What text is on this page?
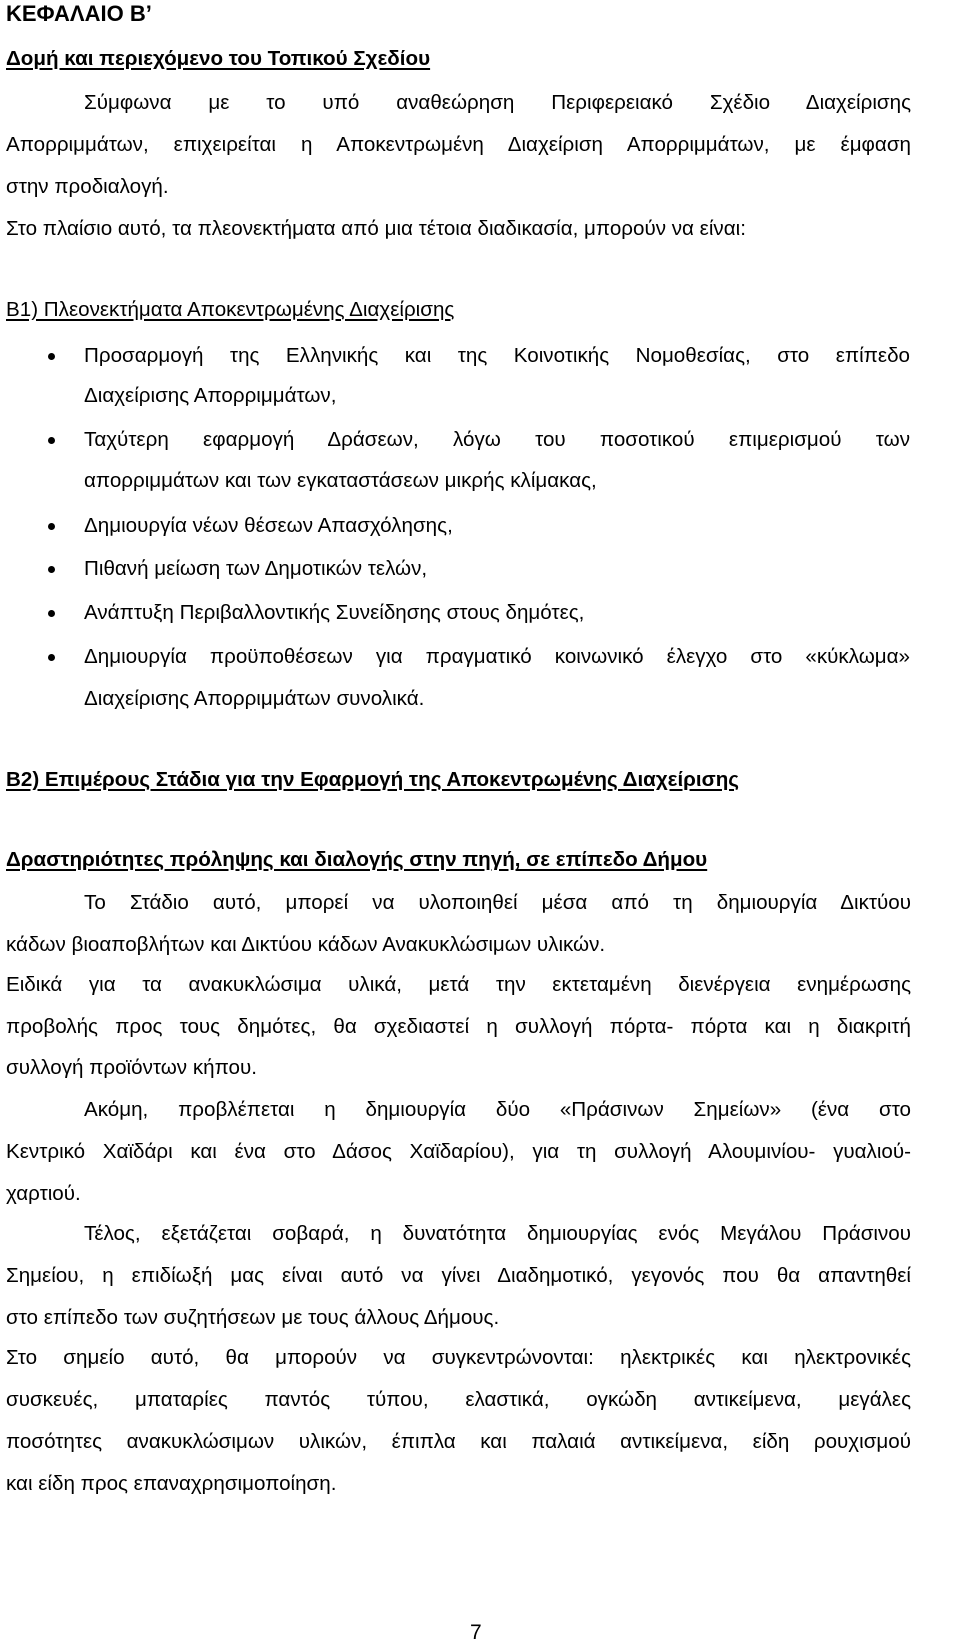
ΚΕΦΑΛΑΙΟ Β’
Δομή και περιεχόμενο του Τοπικού Σχεδίου
Σύμφωνα με το υπό αναθεώρηση Περιφερειακό Σχέδιο Διαχείρισης
Απορριμμάτων, επιχειρείται η Αποκεντρωμένη Διαχείριση Απορριμμάτων, με έμφαση
στην προδιαλογή.
Στο πλαίσιο αυτό, τα πλεονεκτήματα από μια τέτοια διαδικασία, μπορούν να είναι:
Β1) Πλεονεκτήματα Αποκεντρωμένης Διαχείρισης
Προσαρμογή της Ελληνικής και της Κοινοτικής Νομοθεσίας, στο επίπεδο
Διαχείρισης Απορριμμάτων,
Ταχύτερη εφαρμογή Δράσεων, λόγω του ποσοτικού επιμερισμού των
απορριμμάτων και των εγκαταστάσεων μικρής κλίμακας,
Δημιουργία νέων θέσεων Απασχόλησης,
Πιθανή μείωση των Δημοτικών τελών,
Ανάπτυξη Περιβαλλοντικής Συνείδησης στους δημότες,
Δημιουργία προϋποθέσεων για πραγματικό κοινωνικό έλεγχο στο «κύκλωμα»
Διαχείρισης Απορριμμάτων συνολικά.
Β2) Επιμέρους Στάδια για την Εφαρμογή της Αποκεντρωμένης Διαχείρισης
Δραστηριότητες πρόληψης και διαλογής στην πηγή, σε επίπεδο Δήμου
Το Στάδιο αυτό, μπορεί να υλοποιηθεί μέσα από τη δημιουργία Δικτύου
κάδων βιοαποβλήτων και Δικτύου κάδων Ανακυκλώσιμων υλικών.
Ειδικά για τα ανακυκλώσιμα υλικά, μετά την εκτεταμένη διενέργεια ενημέρωσης
προβολής προς τους δημότες, θα σχεδιαστεί η συλλογή πόρτα- πόρτα και η διακριτή
συλλογή προϊόντων κήπου.
Ακόμη, προβλέπεται η δημιουργία δύο «Πράσινων Σημείων» (ένα στο
Κεντρικό Χαϊδάρι και ένα στο Δάσος Χαϊδαρίου), για τη συλλογή Αλουμινίου- γυαλιού-
χαρτιού.
Τέλος, εξετάζεται σοβαρά, η δυνατότητα δημιουργίας ενός Μεγάλου Πράσινου
Σημείου, η επιδίωξή μας είναι αυτό να γίνει Διαδημοτικό, γεγονός που θα απαντηθεί
στο επίπεδο των συζητήσεων με τους άλλους Δήμους.
Στο σημείο αυτό, θα μπορούν να συγκεντρώνονται: ηλεκτρικές και ηλεκτρονικές
συσκευές, μπαταρίες παντός τύπου, ελαστικά, ογκώδη αντικείμενα, μεγάλες
ποσότητες ανακυκλώσιμων υλικών, έπιπλα και παλαιά αντικείμενα, είδη ρουχισμού
και είδη προς επαναχρησιμοποίηση.
7
